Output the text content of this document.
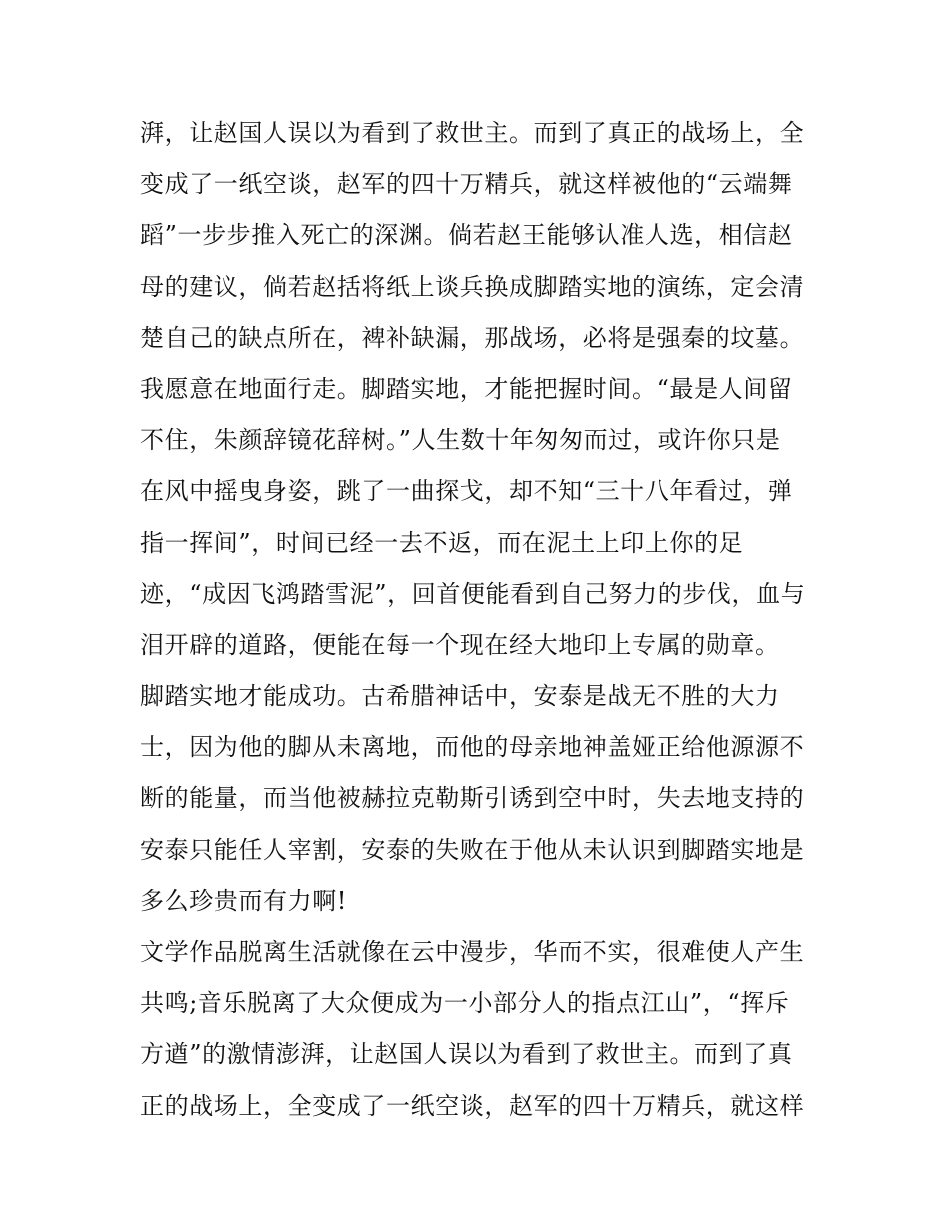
湃，让赵国人误以为看到了救世主。而到了真正的战场上，全
变成了一纸空谈，赵军的四十万精兵，就这样被他的“云端舞
蹈”一步步推入死亡的深渊。倘若赵王能够认准人选，相信赵
母的建议，倘若赵括将纸上谈兵换成脚踏实地的演练，定会清
楚自己的缺点所在，裨补缺漏，那战场，必将是强秦的坟墓。
我愿意在地面行走。脚踏实地，才能把握时间。“最是人间留
不住，朱颜辞镜花辞树。”人生数十年匆匆而过，或许你只是
在风中摇曳身姿，跳了一曲探戈，却不知“三十八年看过，弹
指一挥间”，时间已经一去不返，而在泥土上印上你的足
迹，“成因飞鸿踏雪泥”，回首便能看到自己努力的步伐，血与
泪开辟的道路，便能在每一个现在经大地印上专属的勋章。
脚踏实地才能成功。古希腊神话中，安泰是战无不胜的大力
士，因为他的脚从未离地，而他的母亲地神盖娅正给他源源不
断的能量，而当他被赫拉克勒斯引诱到空中时，失去地支持的
安泰只能任人宰割，安泰的失败在于他从未认识到脚踏实地是
多么珍贵而有力啊!
文学作品脱离生活就像在云中漫步，华而不实，很难使人产生
共鸣;音乐脱离了大众便成为一小部分人的指点江山”，“挥斥
方遒”的激情澎湃，让赵国人误以为看到了救世主。而到了真
正的战场上，全变成了一纸空谈，赵军的四十万精兵，就这样
